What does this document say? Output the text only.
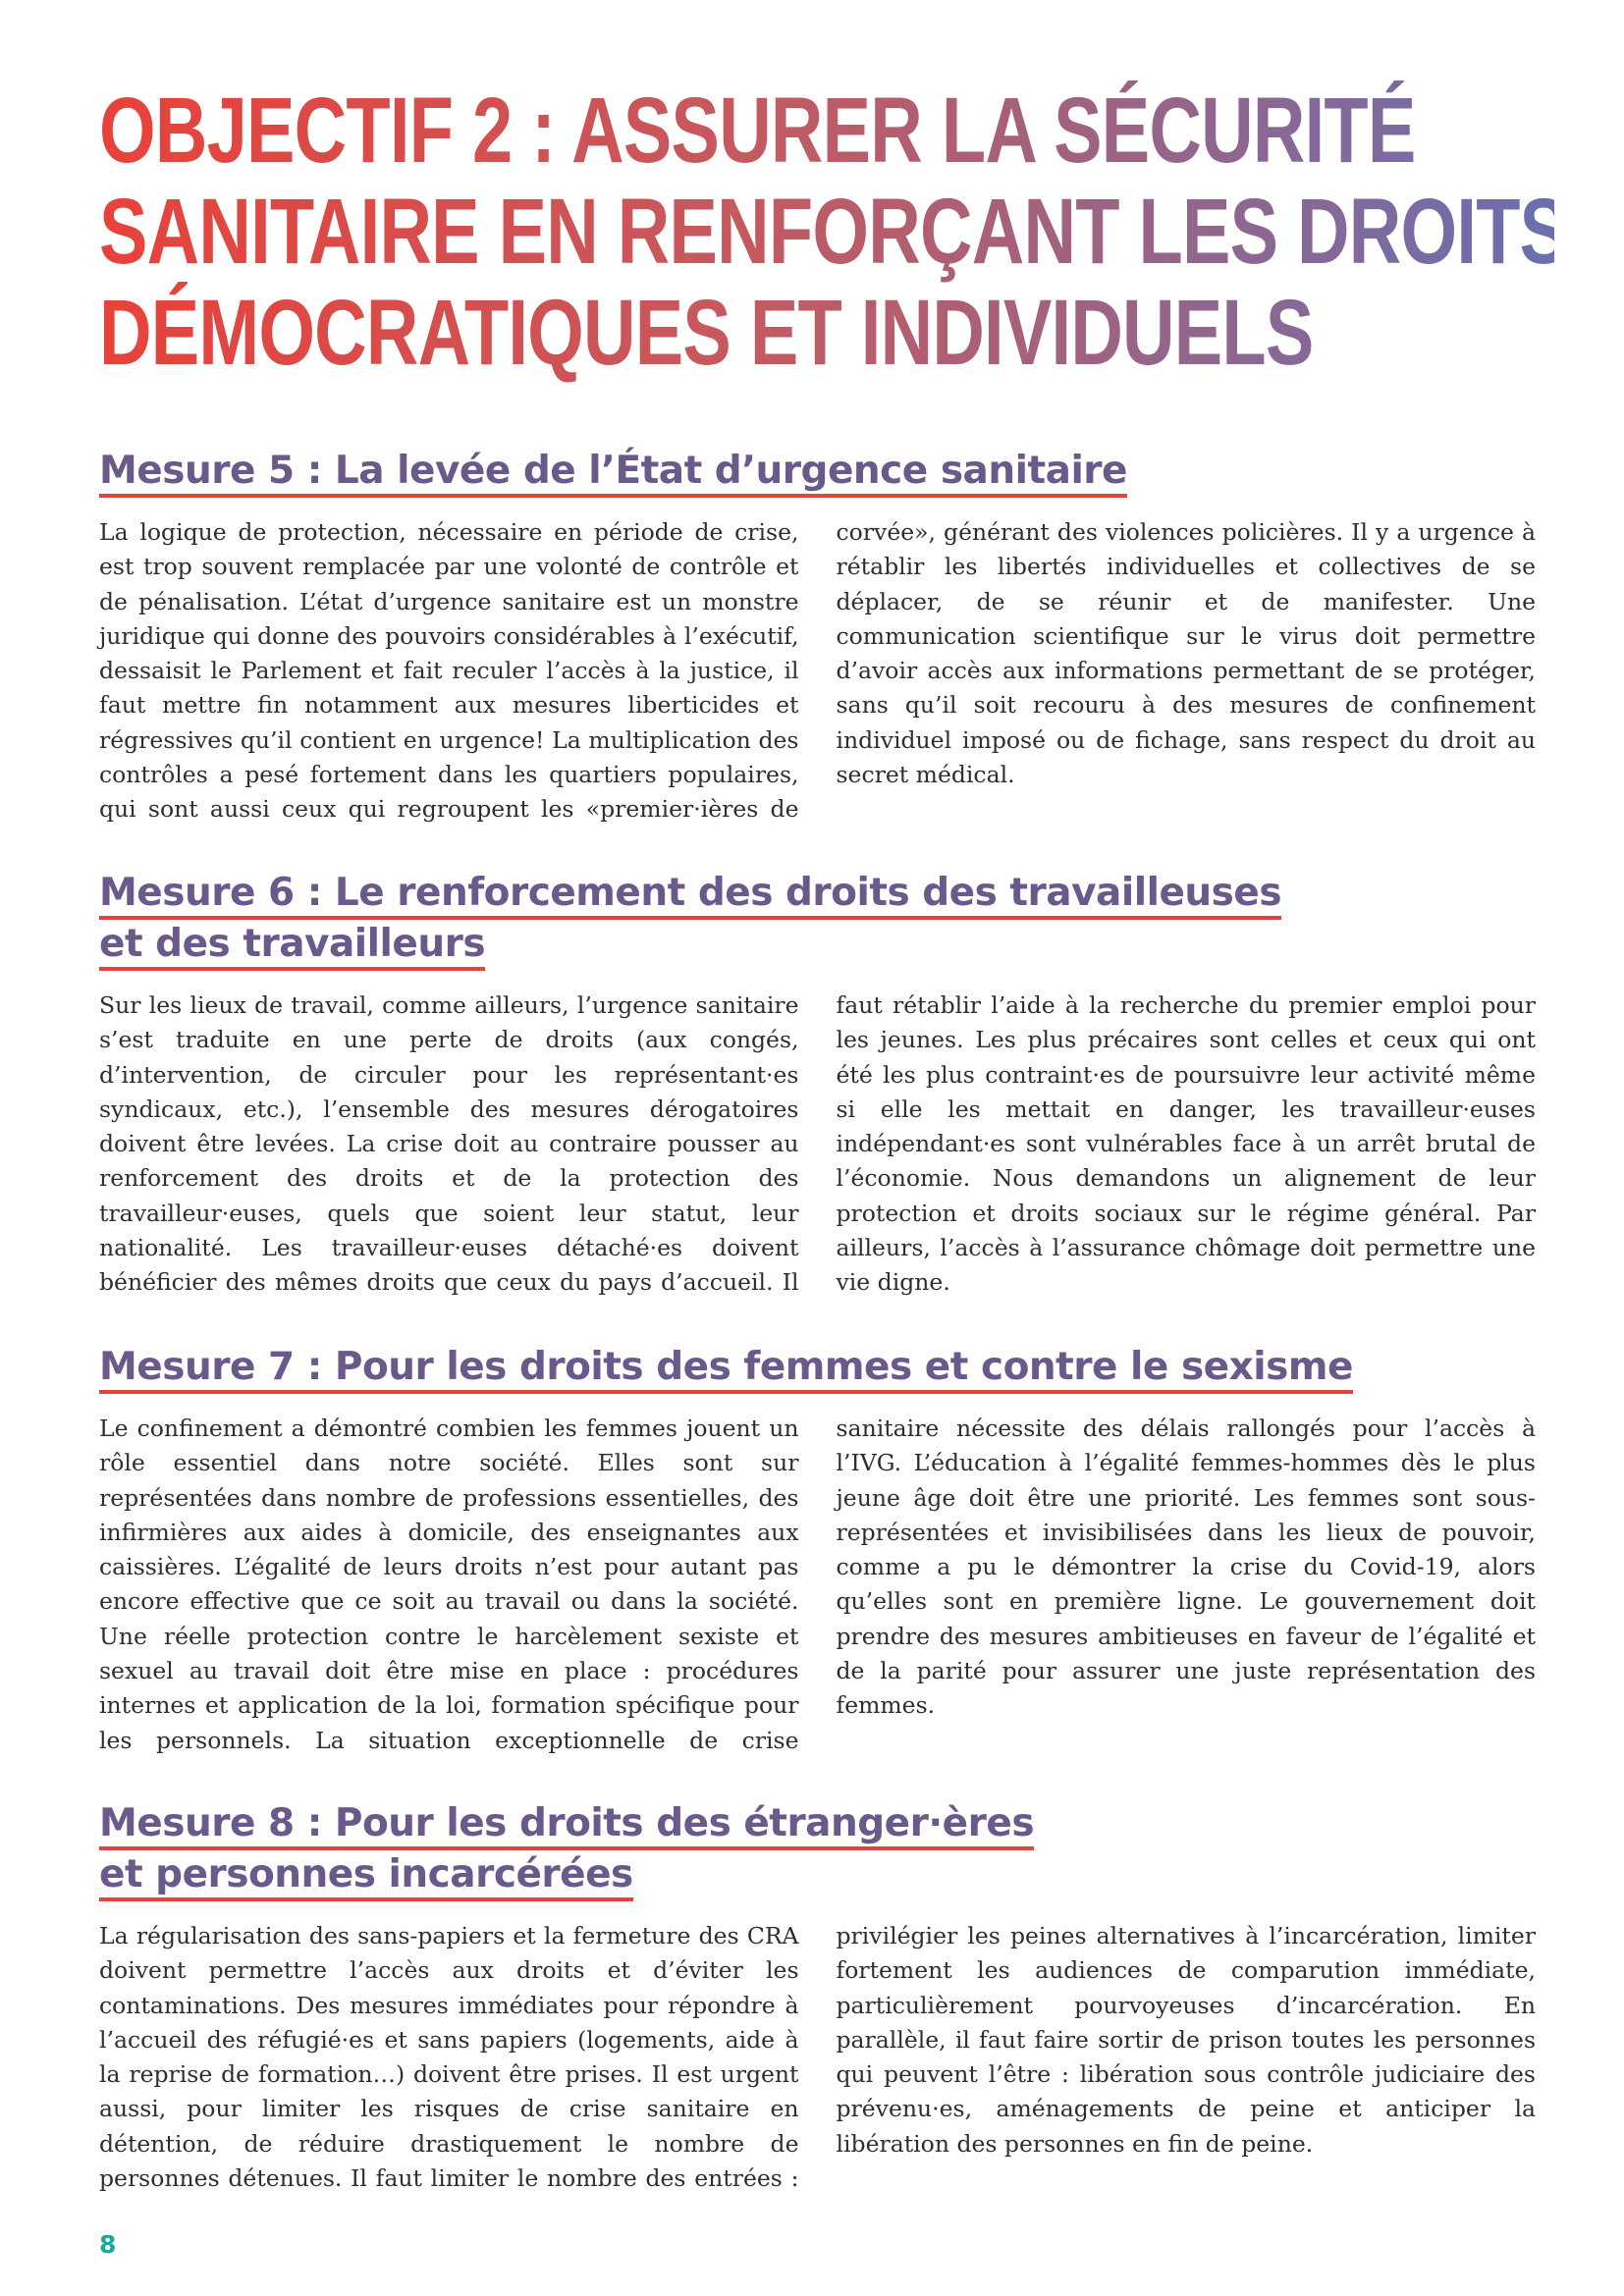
OBJECTIF 2 : ASSURER LA SÉCURITÉ
SANITAIRE EN RENFORÇANT LES DROITS
DÉMOCRATIQUES ET INDIVIDUELS
Mesure 5 : La levée de l’État d’urgence sanitaire

La logique de protection, nécessaire en période de crise, est trop souvent remplacée par une volonté de contrôle et de pénalisation. L’état d’urgence sanitaire est un monstre juridique qui donne des pouvoirs considérables à l’exécutif, dessaisit le Parlement et fait reculer l’accès à la justice, il faut mettre fin notamment aux mesures liberticides et régressives qu’il contient en urgence! La multiplication des contrôles a pesé fortement dans les quartiers populaires, qui sont aussi ceux qui regroupent les «premier·ières de corvée», générant des violences policières. Il y a urgence à rétablir les libertés individuelles et collectives de se déplacer, de se réunir et de manifester. Une communication scientifique sur le virus doit permettre d’avoir accès aux informations permettant de se protéger, sans qu’il soit recouru à des mesures de confinement individuel imposé ou de fichage, sans respect du droit au secret médical.

Mesure 6 : Le renforcement des droits des travailleuses
et des travailleurs

Sur les lieux de travail, comme ailleurs, l’urgence sanitaire s’est traduite en une perte de droits (aux congés, d’intervention, de circuler pour les représentant·es syndicaux, etc.), l’ensemble des mesures dérogatoires doivent être levées. La crise doit au contraire pousser au renforcement des droits et de la protection des travailleur·euses, quels que soient leur statut, leur nationalité. Les travailleur·euses détaché·es doivent bénéficier des mêmes droits que ceux du pays d’accueil. Il faut rétablir l’aide à la recherche du premier emploi pour les jeunes. Les plus précaires sont celles et ceux qui ont été les plus contraint·es de poursuivre leur activité même si elle les mettait en danger, les travailleur·euses indépendant·es sont vulnérables face à un arrêt brutal de l’économie. Nous demandons un alignement de leur protection et droits sociaux sur le régime général. Par ailleurs, l’accès à l’assurance chômage doit permettre une vie digne.

Mesure 7 : Pour les droits des femmes et contre le sexisme

Le confinement a démontré combien les femmes jouent un rôle essentiel dans notre société. Elles sont sur représentées dans nombre de professions essentielles, des infirmières aux aides à domicile, des enseignantes aux caissières. L’égalité de leurs droits n’est pour autant pas encore effective que ce soit au travail ou dans la société. Une réelle protection contre le harcèlement sexiste et sexuel au travail doit être mise en place : procédures internes et application de la loi, formation spécifique pour les personnels. La situation exceptionnelle de crise sanitaire nécessite des délais rallongés pour l’accès à l’IVG. L’éducation à l’égalité femmes-hommes dès le plus jeune âge doit être une priorité. Les femmes sont sous-représentées et invisibilisées dans les lieux de pouvoir, comme a pu le démontrer la crise du Covid-19, alors qu’elles sont en première ligne. Le gouvernement doit prendre des mesures ambitieuses en faveur de l’égalité et de la parité pour assurer une juste représentation des femmes.

Mesure 8 : Pour les droits des étranger·ères
et personnes incarcérées

La régularisation des sans-papiers et la fermeture des CRA doivent permettre l’accès aux droits et d’éviter les contaminations. Des mesures immédiates pour répondre à l’accueil des réfugié·es et sans papiers (logements, aide à la reprise de formation…) doivent être prises. Il est urgent aussi, pour limiter les risques de crise sanitaire en détention, de réduire drastiquement le nombre de personnes détenues. Il faut limiter le nombre des entrées : privilégier les peines alternatives à l’incarcération, limiter fortement les audiences de comparution immédiate, particulièrement pourvoyeuses d’incarcération. En parallèle, il faut faire sortir de prison toutes les personnes qui peuvent l’être : libération sous contrôle judiciaire des prévenu·es, aménagements de peine et anticiper la libération des personnes en fin de peine.

8
